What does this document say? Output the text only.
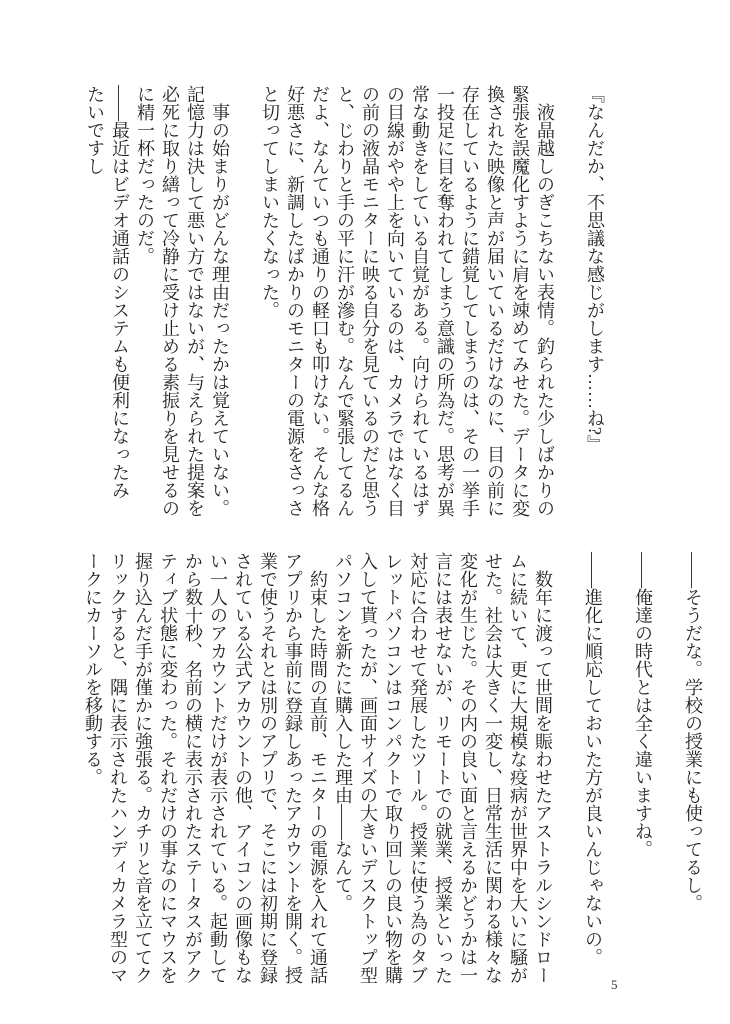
『なんだか、不思議な感じがします……ね?』
　液晶越しのぎこちない表情。釣られた少しばかりの
緊張を誤魔化すように肩を竦めてみせた。データに変
換された映像と声が届いているだけなのに、目の前に
存在しているように錯覚してしまうのは、その一挙手
一投足に目を奪われてしまう意識の所為だ。思考が異
常な動きをしている自覚がある。向けられているはず
の目線がやや上を向いているのは、カメラではなく目
の前の液晶モニターに映る自分を見ているのだと思う
と、じわりと手の平に汗が滲む。なんで緊張してるん
だよ、なんていつも通りの軽口も叩けない。そんな格
好悪さに、新調したばかりのモニターの電源をさっさ
と切ってしまいたくなった。
　事の始まりがどんな理由だったかは覚えていない。
記憶力は決して悪い方ではないが、与えられた提案を
必死に取り繕って冷静に受け止める素振りを見せるの
に精一杯だったのだ。
――最近はビデオ通話のシステムも便利になったみ
たいですし
――そうだな。学校の授業にも使ってるし。
――俺達の時代とは全く違いますね。
――進化に順応しておいた方が良いんじゃないの。
　数年に渡って世間を賑わせたアストラルシンドロー
ムに続いて、更に大規模な疫病が世界中を大いに騒が
せた。社会は大きく一変し、日常生活に関わる様々な
変化が生じた。その内の良い面と言えるかどうかは一
言には表せないが、リモートでの就業、授業といった
対応に合わせて発展したツール。授業に使う為のタブ
レットパソコンはコンパクトで取り回しの良い物を購
入して貰ったが、画面サイズの大きいデスクトップ型
パソコンを新たに購入した理由――なんて。
　約束した時間の直前、モニターの電源を入れて通話
アプリから事前に登録しあったアカウントを開く。授
業で使うそれとは別のアプリで、そこには初期に登録
されている公式アカウントの他、アイコンの画像もな
い一人のアカウントだけが表示されている。起動して
から数十秒、名前の横に表示されたステータスがアク
ティブ状態に変わった。それだけの事なのにマウスを
握り込んだ手が僅かに強張る。カチリと音を立ててク
リックすると、隅に表示されたハンディカメラ型のマ
ークにカーソルを移動する。
5
